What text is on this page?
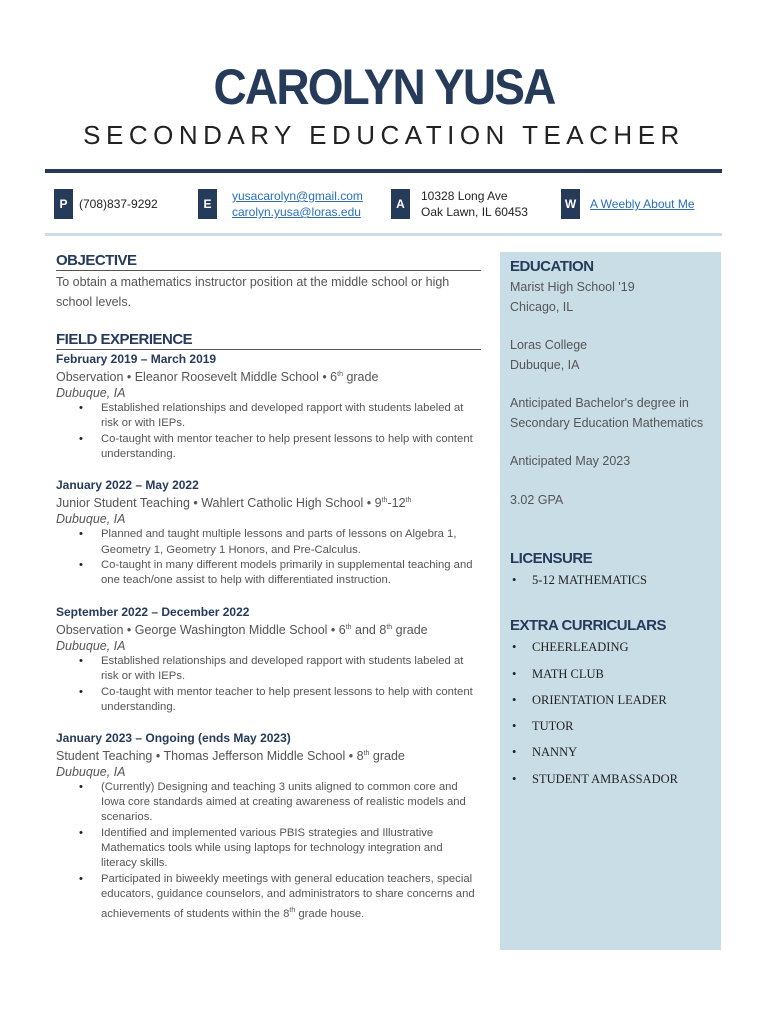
CAROLYN YUSA
SECONDARY EDUCATION TEACHER
P (708)837-9292	E
yusacarolyn@gmail.com
carolyn.yusa@loras.edu
A
10328 Long Ave
Oak Lawn, IL 60453
W	A Weebly About Me
OBJECTIVE
To obtain a mathematics instructor position at the middle school or high school levels.
FIELD EXPERIENCE
February 2019 – March 2019
Observation • Eleanor Roosevelt Middle School • 6th grade
Dubuque, IA
• Established relationships and developed rapport with students labeled at risk or with IEPs.
• Co-taught with mentor teacher to help present lessons to help with content understanding.
January 2022 – May 2022
Junior Student Teaching • Wahlert Catholic High School • 9th-12th
Dubuque, IA
• Planned and taught multiple lessons and parts of lessons on Algebra 1, Geometry 1, Geometry 1 Honors, and Pre-Calculus.
• Co-taught in many different models primarily in supplemental teaching and one teach/one assist to help with differentiated instruction.
September 2022 – December 2022
Observation • George Washington Middle School • 6th and 8th grade
Dubuque, IA
• Established relationships and developed rapport with students labeled at risk or with IEPs.
• Co-taught with mentor teacher to help present lessons to help with content understanding.
January 2023 – Ongoing (ends May 2023)
Student Teaching • Thomas Jefferson Middle School • 8th grade
Dubuque, IA
• (Currently) Designing and teaching 3 units aligned to common core and Iowa core standards aimed at creating awareness of realistic models and scenarios.
• Identified and implemented various PBIS strategies and Illustrative Mathematics tools while using laptops for technology integration and literacy skills.
• Participated in biweekly meetings with general education teachers, special educators, guidance counselors, and administrators to share concerns and achievements of students within the 8th grade house.
EDUCATION
Marist High School '19
Chicago, IL
Loras College
Dubuque, IA
Anticipated Bachelor's degree in Secondary Education Mathematics
Anticipated May 2023
3.02 GPA
LICENSURE
• 5-12 MATHEMATICS
EXTRA CURRICULARS
• CHEERLEADING
• MATH CLUB
• ORIENTATION LEADER
• TUTOR
• NANNY
• STUDENT AMBASSADOR
